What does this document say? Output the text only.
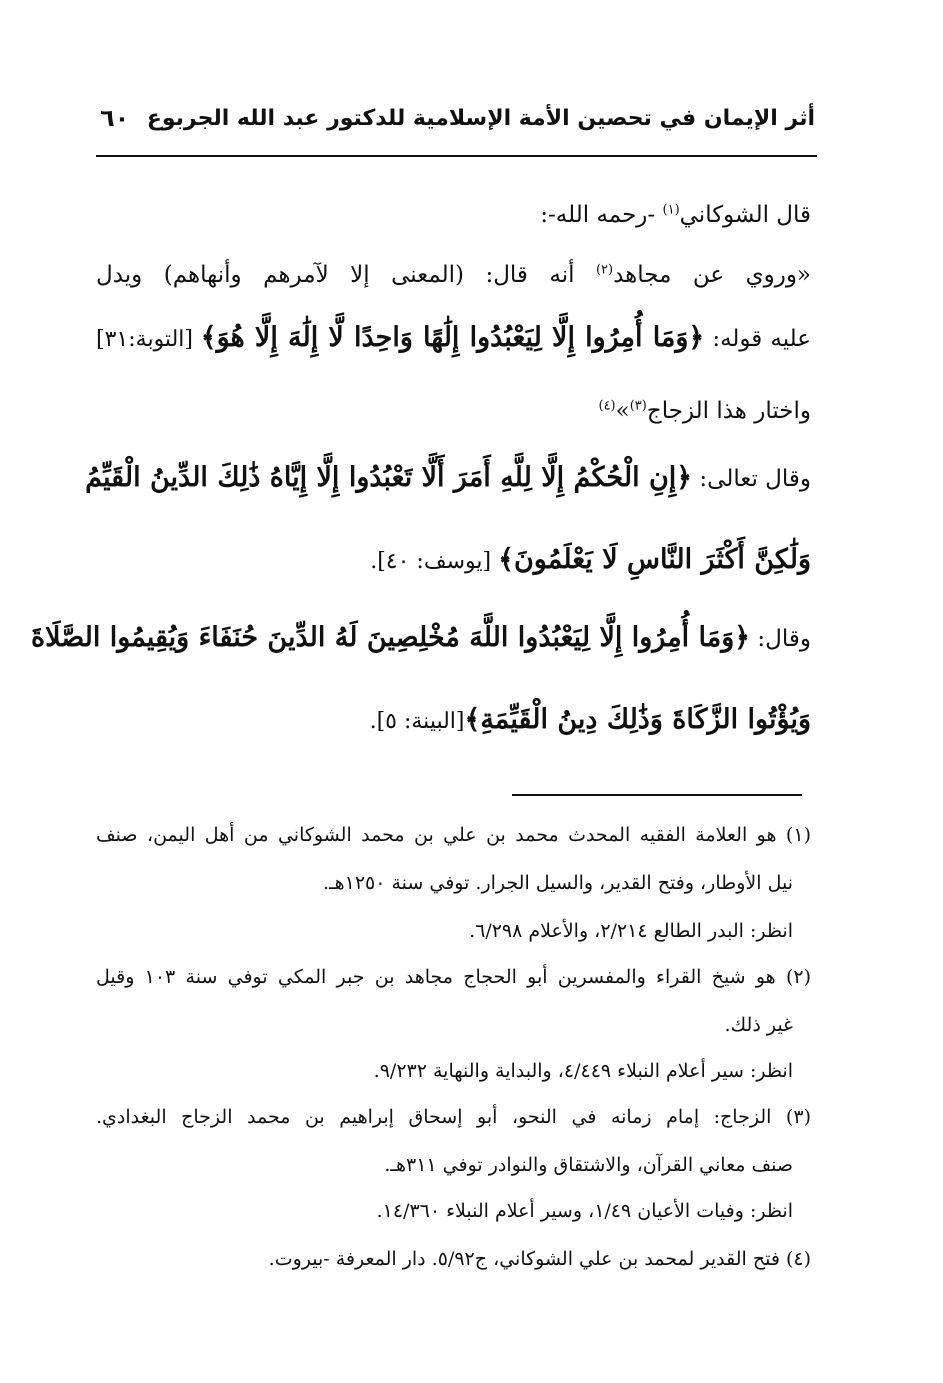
أثر الإيمان في تحصين الأمة الإسلامية للدكتور عبد الله الجربوع
٦٠
قال الشوكاني$^{(١)}$ -رحمه الله-:
«وروي عن مجاهد$^{(٢)}$ أنه قال: (المعنى إلا لآمرهم وأنهاهم) ويدل
عليه قوله: ﴿وَمَا أُمِرُوا إِلَّا لِيَعْبُدُوا إِلَٰهًا وَاحِدًا لَّا إِلَٰهَ إِلَّا هُوَ﴾ [التوبة:٣١]
واختار هذا الزجاج$^{(٣)}$»$^{(٤)}$
وقال تعالى: ﴿إِنِ الْحُكْمُ إِلَّا لِلَّهِ أَمَرَ أَلَّا تَعْبُدُوا إِلَّا إِيَّاهُ ذَٰلِكَ الدِّينُ الْقَيِّمُ
وَلَٰكِنَّ أَكْثَرَ النَّاسِ لَا يَعْلَمُونَ﴾ [يوسف: ٤٠].
وقال: ﴿وَمَا أُمِرُوا إِلَّا لِيَعْبُدُوا اللَّهَ مُخْلِصِينَ لَهُ الدِّينَ حُنَفَاءَ وَيُقِيمُوا الصَّلَاةَ
وَيُؤْتُوا الزَّكَاةَ وَذَٰلِكَ دِينُ الْقَيِّمَةِ﴾[البينة: ٥].
(١) هو العلامة الفقيه المحدث محمد بن علي بن محمد الشوكاني من أهل اليمن، صنف
نيل الأوطار، وفتح القدير، والسيل الجرار. توفي سنة ١٢٥٠هـ.
انظر: البدر الطالع ٢/٢١٤، والأعلام ٦/٢٩٨.
(٢) هو شيخ القراء والمفسرين أبو الحجاج مجاهد بن جبر المكي توفي سنة ١٠٣ وقيل
غير ذلك.
انظر: سير أعلام النبلاء ٤/٤٤٩، والبداية والنهاية ٩/٢٣٢.
(٣) الزجاج: إمام زمانه في النحو، أبو إسحاق إبراهيم بن محمد الزجاج البغدادي.
صنف معاني القرآن، والاشتقاق والنوادر توفي ٣١١هـ.
انظر: وفيات الأعيان ١/٤٩، وسير أعلام النبلاء ١٤/٣٦٠.
(٤) فتح القدير لمحمد بن علي الشوكاني، ج٥/٩٢. دار المعرفة -بيروت.
